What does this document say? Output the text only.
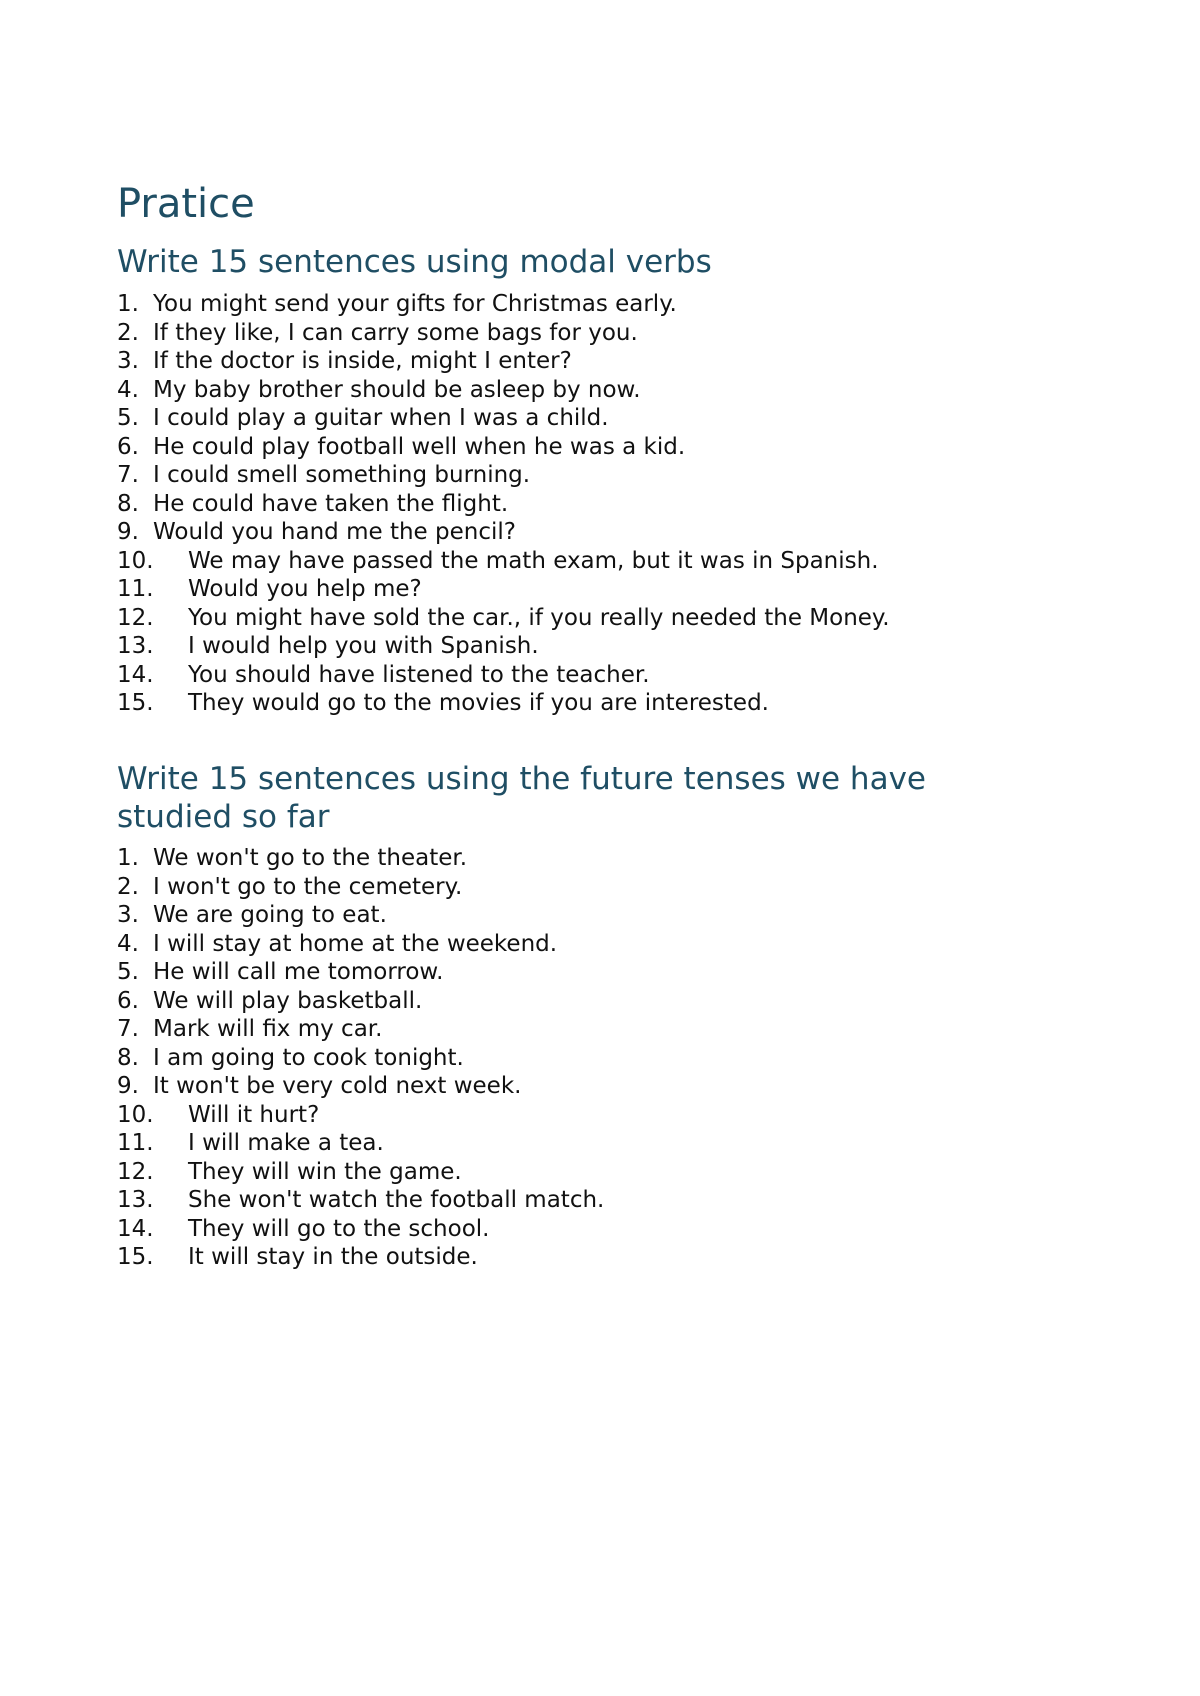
Pratice
Write 15 sentences using modal verbs
1. You might send your gifts for Christmas early.
2. If they like, I can carry some bags for you.
3. If the doctor is inside, might I enter?
4. My baby brother should be asleep by now.
5. I could play a guitar when I was a child.
6. He could play football well when he was a kid.
7. I could smell something burning.
8. He could have taken the flight.
9. Would you hand me the pencil?
10. We may have passed the math exam, but it was in Spanish.
11. Would you help me?
12. You might have sold the car., if you really needed the Money.
13. I would help you with Spanish.
14. You should have listened to the teacher.
15. They would go to the movies if you are interested.
Write 15 sentences using the future tenses we have
studied so far
1. We won't go to the theater.
2. I won't go to the cemetery.
3. We are going to eat.
4. I will stay at home at the weekend.
5. He will call me tomorrow.
6. We will play basketball.
7. Mark will fix my car.
8. I am going to cook tonight.
9. It won't be very cold next week.
10. Will it hurt?
11. I will make a tea.
12. They will win the game.
13. She won't watch the football match.
14. They will go to the school.
15. It will stay in the outside.
